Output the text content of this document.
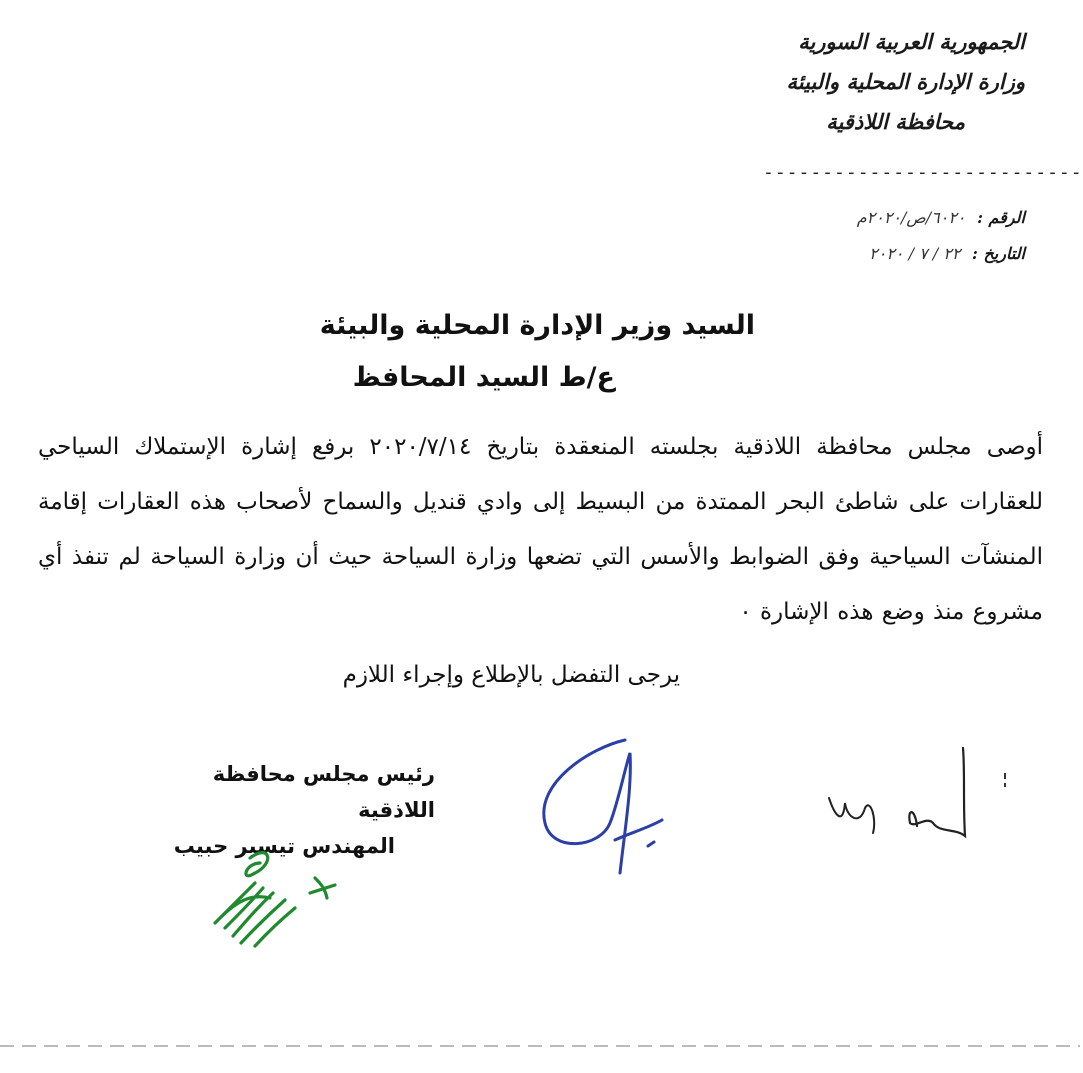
الجمهورية العربية السورية
وزارة الإدارة المحلية والبيئة
محافظة اللاذقية
---------------------------
الرقم : ٦٠٢٠/ص/٢٠٢٠م
التاريخ : ٢٢ / ٧ / ٢٠٢٠
السيد وزير الإدارة المحلية والبيئة
ع/ط السيد المحافظ
أوصى مجلس محافظة اللاذقية بجلسته المنعقدة بتاريخ ٢٠٢٠/٧/١٤ برفع إشارة الإستملاك السياحي للعقارات على شاطئ البحر الممتدة من البسيط إلى وادي قنديل والسماح لأصحاب هذه العقارات إقامة المنشآت السياحية وفق الضوابط والأسس التي تضعها وزارة السياحة حيث أن وزارة السياحة لم تنفذ أي مشروع منذ وضع هذه الإشارة ٠
يرجى التفضل بالإطلاع وإجراء اللازم
رئيس مجلس محافظة اللاذقية
المهندس تيسير حبيب
